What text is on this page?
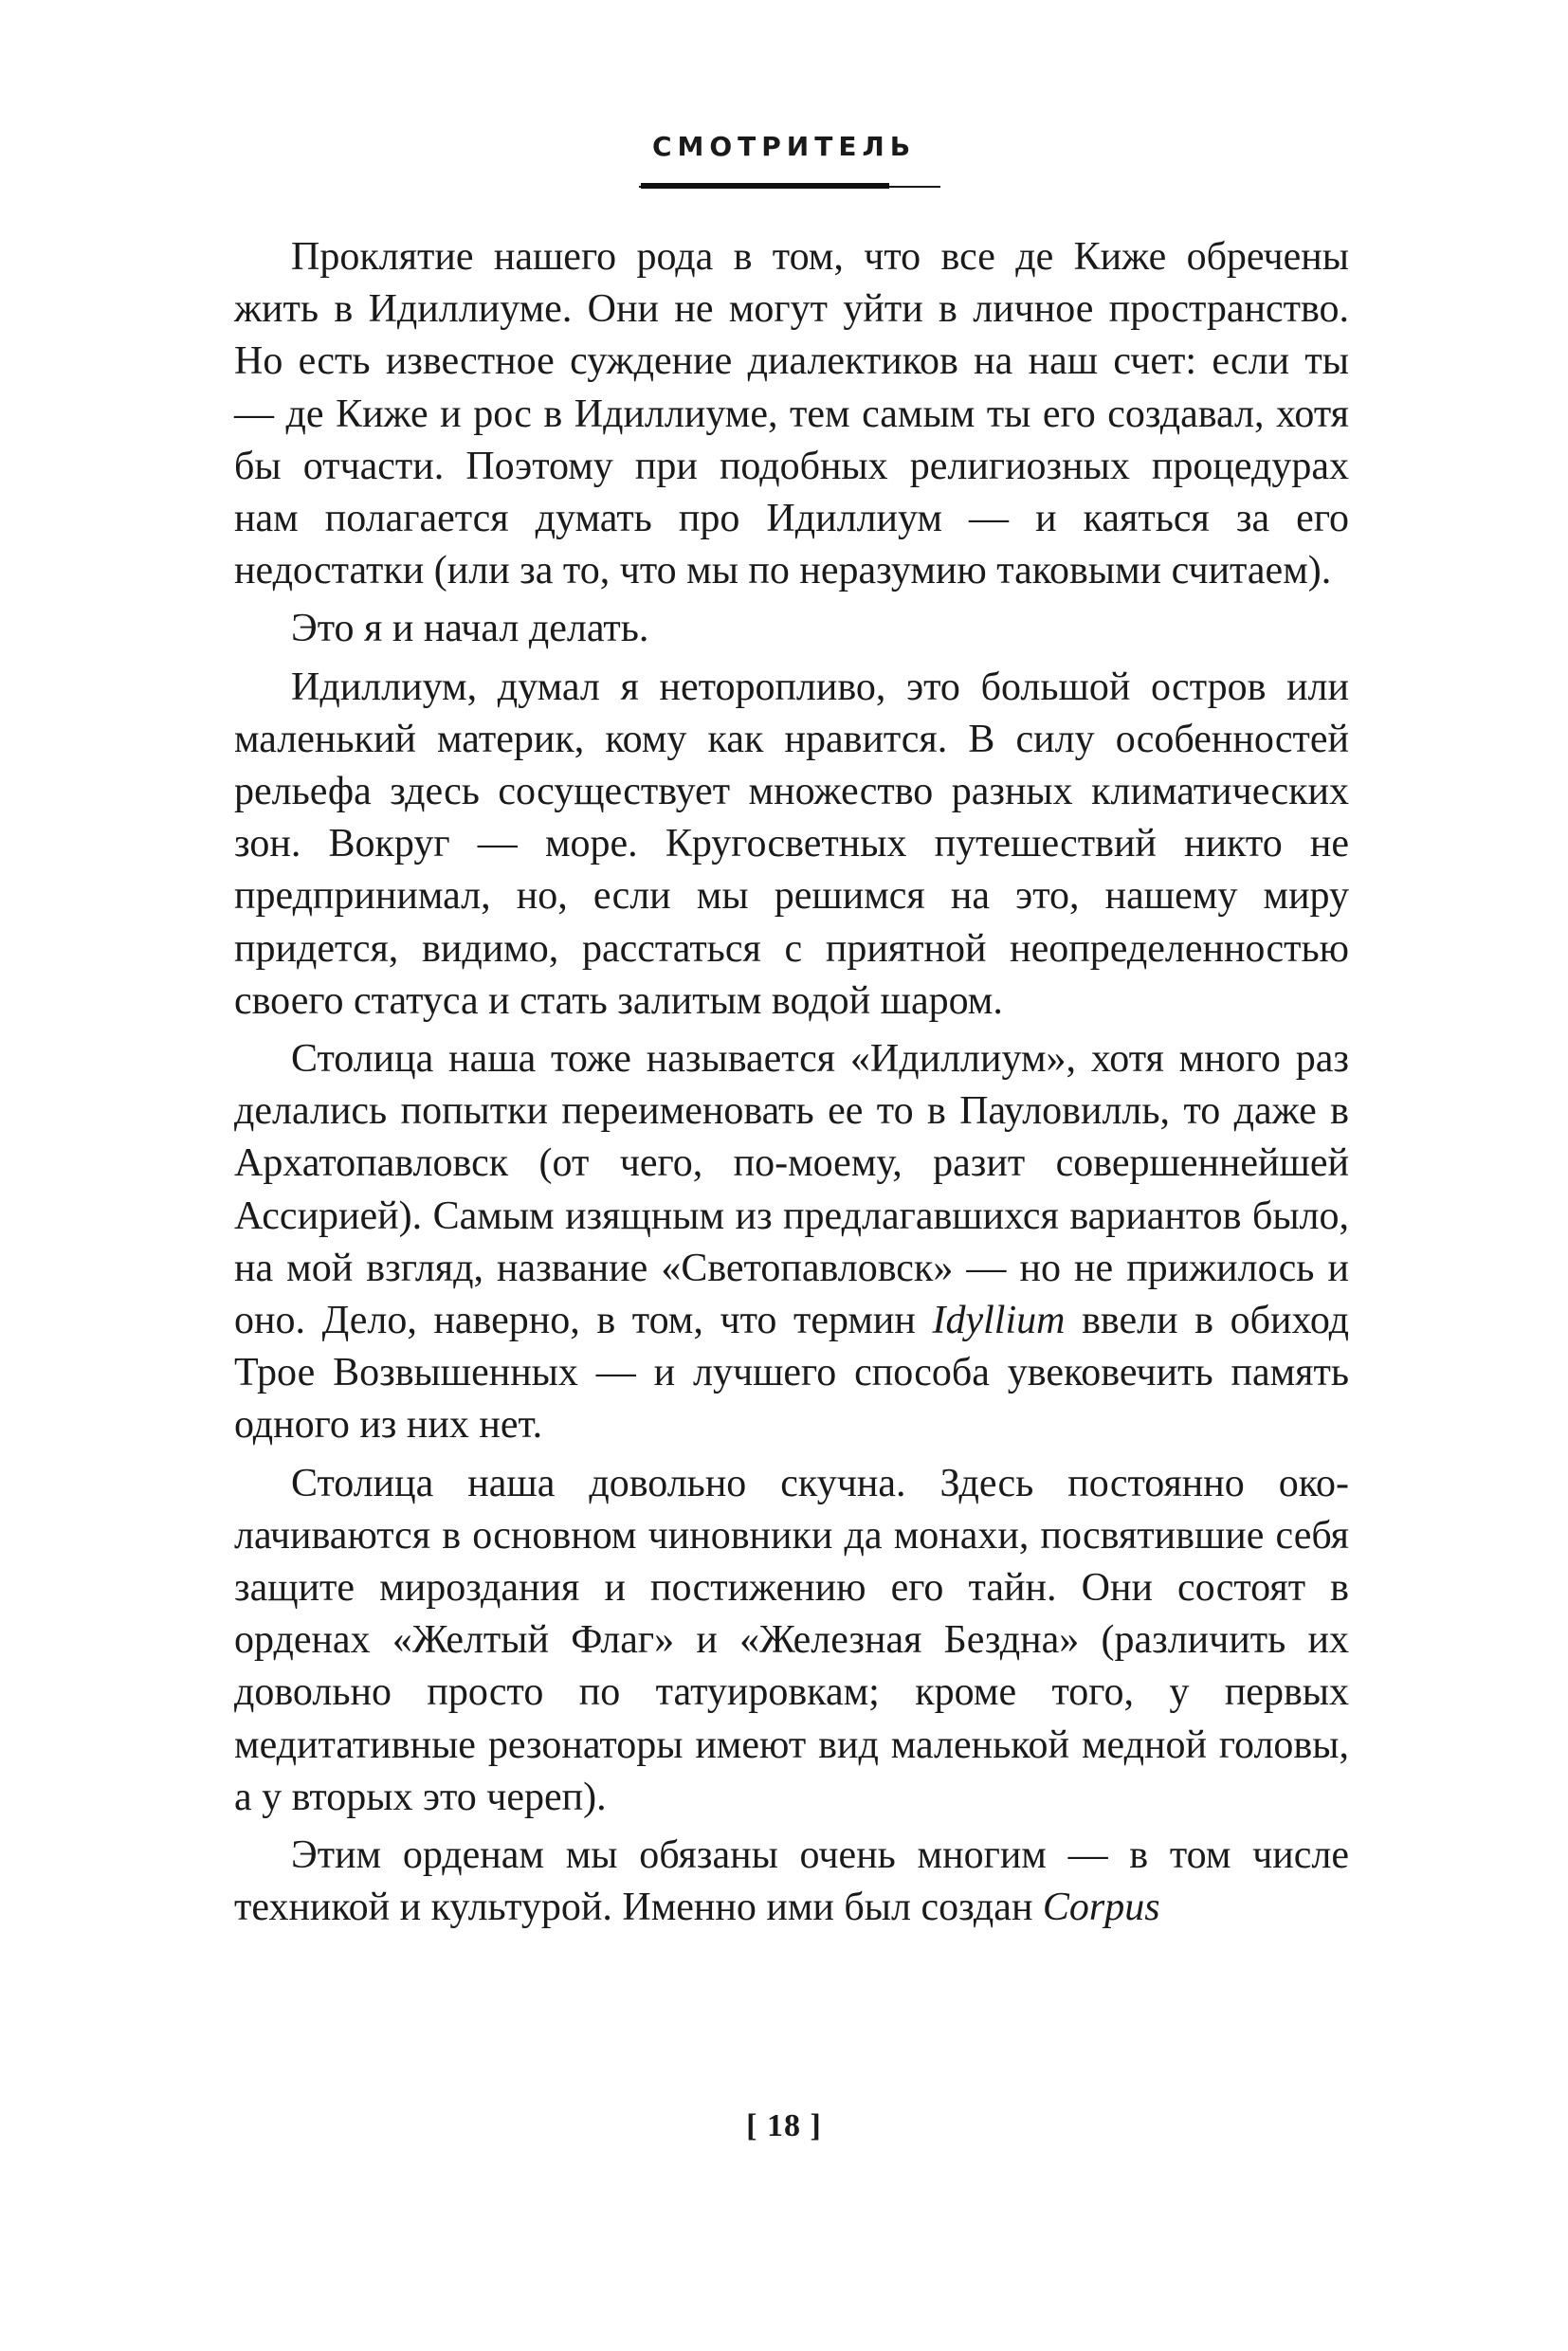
СМОТРИТЕЛЬ

Проклятие нашего рода в том, что все де Киже обречены жить в Идиллиуме. Они не могут уйти в личное пространство. Но есть известное суждение диалектиков на наш счет: если ты — де Киже и рос в Идиллиуме, тем самым ты его создавал, хотя бы отчасти. Поэтому при подобных религиозных процедурах нам полагается думать про Идиллиум — и каяться за его недостатки (или за то, что мы по неразумию таковыми считаем).

Это я и начал делать.

Идиллиум, думал я неторопливо, это большой остров или маленький материк, кому как нравится. В силу особенностей рельефа здесь сосуществует множество разных климатических зон. Вокруг — море. Кругосветных путешествий никто не предпринимал, но, если мы решимся на это, нашему миру придется, видимо, расстаться с приятной неопределенностью своего статуса и стать залитым водой шаром.

Столица наша тоже называется «Идиллиум», хотя много раз делались попытки переименовать ее то в Пауловилль, то даже в Архатопавловск (от чего, по-моему, разит совершеннейшей Ассирией). Самым изящным из предлагавшихся вариантов было, на мой взгляд, название «Светопавловск» — но не прижилось и оно. Дело, наверно, в том, что термин Idyllium ввели в обиход Трое Возвышенных — и лучшего способа увековечить память одного из них нет.

Столица наша довольно скучна. Здесь постоянно околачиваются в основном чиновники да монахи, посвятившие себя защите мироздания и постижению его тайн. Они состоят в орденах «Желтый Флаг» и «Железная Бездна» (различить их довольно просто по татуировкам; кроме того, у первых медитативные резонаторы имеют вид маленькой медной головы, а у вторых это череп).

Этим орденам мы обязаны очень многим — в том числе техникой и культурой. Именно ими был создан Corpus

[ 18 ]
